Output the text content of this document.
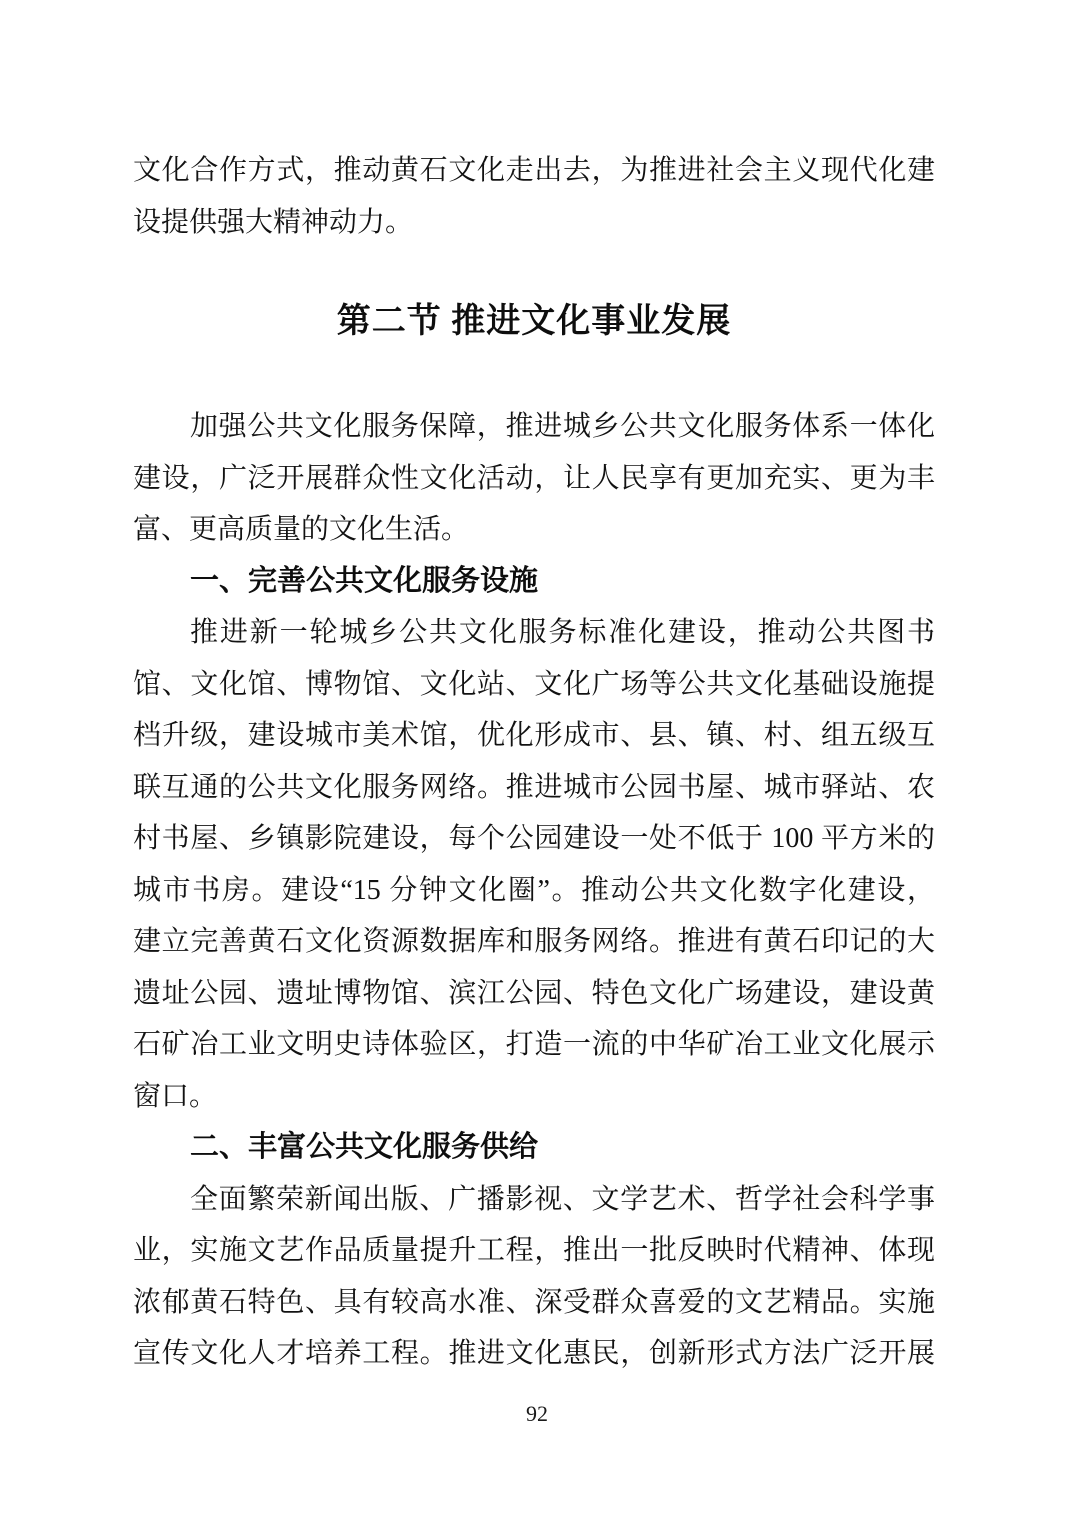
文化合作方式，推动黄石文化走出去，为推进社会主义现代化建
设提供强大精神动力。
第二节 推进文化事业发展
加强公共文化服务保障，推进城乡公共文化服务体系一体化
建设，广泛开展群众性文化活动，让人民享有更加充实、更为丰
富、更高质量的文化生活。
一、完善公共文化服务设施
推进新一轮城乡公共文化服务标准化建设，推动公共图书
馆、文化馆、博物馆、文化站、文化广场等公共文化基础设施提
档升级，建设城市美术馆，优化形成市、县、镇、村、组五级互
联互通的公共文化服务网络。推进城市公园书屋、城市驿站、农
村书屋、乡镇影院建设，每个公园建设一处不低于 100 平方米的
城市书房。建设“15 分钟文化圈”。推动公共文化数字化建设，
建立完善黄石文化资源数据库和服务网络。推进有黄石印记的大
遗址公园、遗址博物馆、滨江公园、特色文化广场建设，建设黄
石矿冶工业文明史诗体验区，打造一流的中华矿冶工业文化展示
窗口。
二、丰富公共文化服务供给
全面繁荣新闻出版、广播影视、文学艺术、哲学社会科学事
业，实施文艺作品质量提升工程，推出一批反映时代精神、体现
浓郁黄石特色、具有较高水准、深受群众喜爱的文艺精品。实施
宣传文化人才培养工程。推进文化惠民，创新形式方法广泛开展
92
